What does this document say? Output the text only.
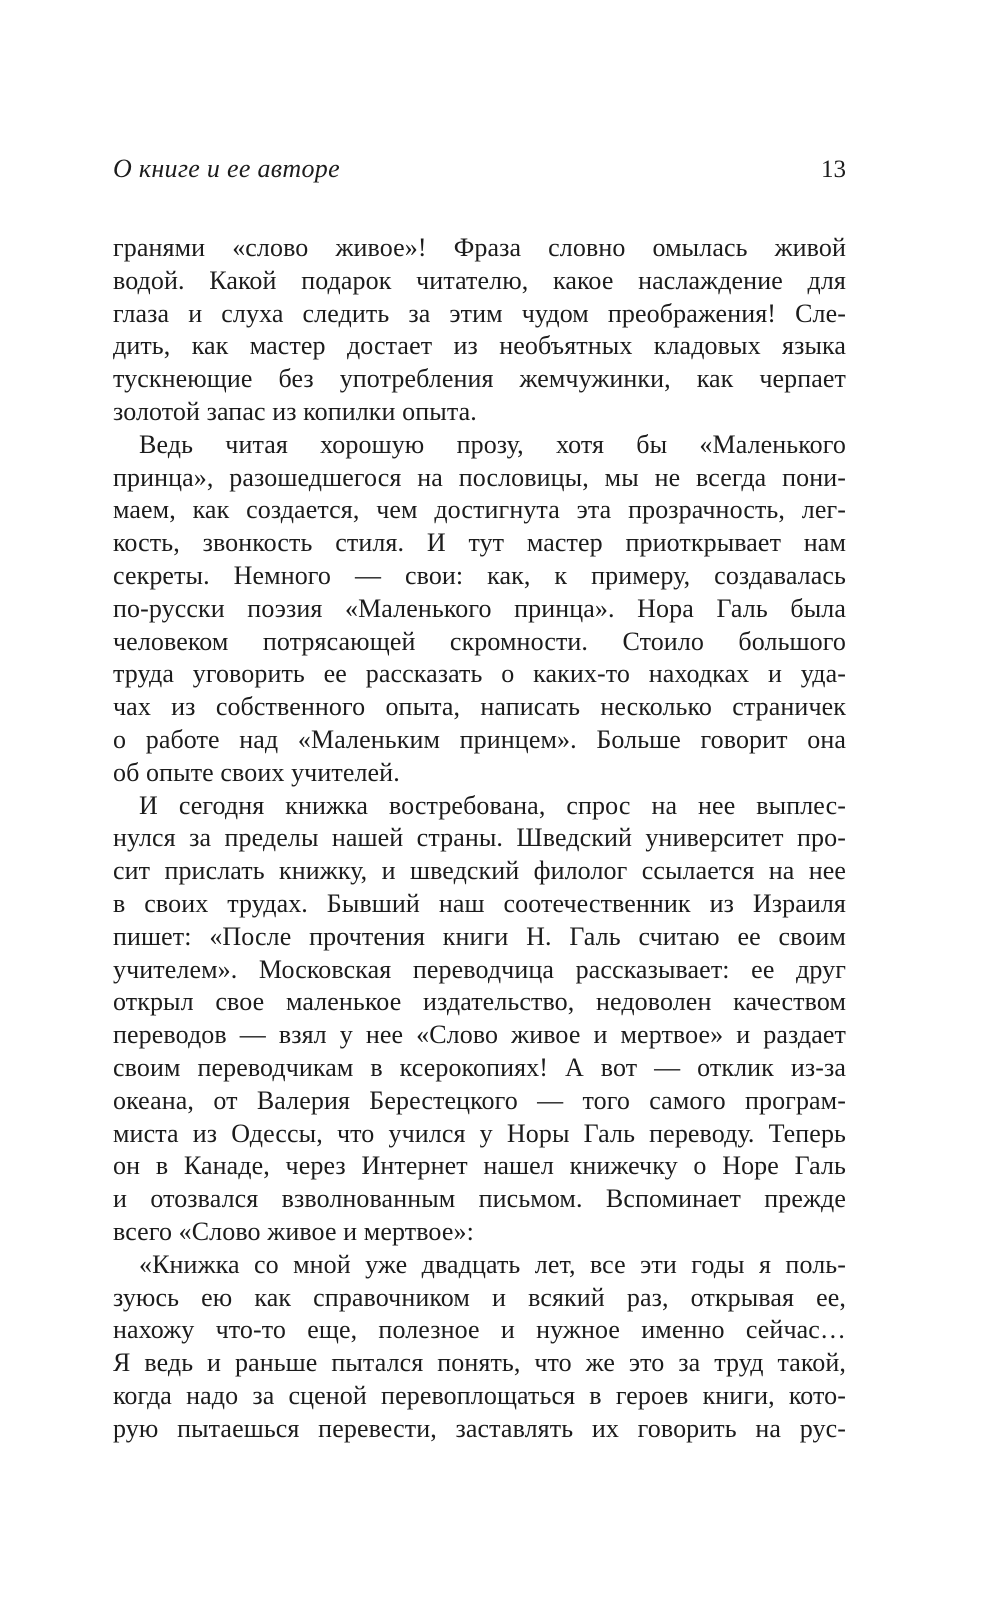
О книге и ее авторе	13
гранями «слово живое»! Фраза словно омылась живой
водой. Какой подарок читателю, какое наслаждение для
глаза и слуха следить за этим чудом преображения! Сле-
дить, как мастер достает из необъятных кладовых языка
тускнеющие без употребления жемчужинки, как черпает
золотой запас из копилки опыта.
Ведь читая хорошую прозу, хотя бы «Маленького
принца», разошедшегося на пословицы, мы не всегда пони-
маем, как создается, чем достигнута эта прозрачность, лег-
кость, звонкость стиля. И тут мастер приоткрывает нам
секреты. Немного — свои: как, к примеру, создавалась
по-русски поэзия «Маленького принца». Нора Галь была
человеком потрясающей скромности. Стоило большого
труда уговорить ее рассказать о каких-то находках и уда-
чах из собственного опыта, написать несколько страничек
о работе над «Маленьким принцем». Больше говорит она
об опыте своих учителей.
И сегодня книжка востребована, спрос на нее выплес-
нулся за пределы нашей страны. Шведский университет про-
сит прислать книжку, и шведский филолог ссылается на нее
в своих трудах. Бывший наш соотечественник из Израиля
пишет: «После прочтения книги Н. Галь считаю ее своим
учителем». Московская переводчица рассказывает: ее друг
открыл свое маленькое издательство, недоволен качеством
переводов — взял у нее «Слово живое и мертвое» и раздает
своим переводчикам в ксерокопиях! А вот — отклик из-за
океана, от Валерия Берестецкого — того самого програм-
миста из Одессы, что учился у Норы Галь переводу. Теперь
он в Канаде, через Интернет нашел книжечку о Норе Галь
и отозвался взволнованным письмом. Вспоминает прежде
всего «Слово живое и мертвое»:
«Книжка со мной уже двадцать лет, все эти годы я поль-
зуюсь ею как справочником и всякий раз, открывая ее,
нахожу что-то еще, полезное и нужное именно сейчас…
Я ведь и раньше пытался понять, что же это за труд такой,
когда надо за сценой перевоплощаться в героев книги, кото-
рую пытаешься перевести, заставлять их говорить на рус-
